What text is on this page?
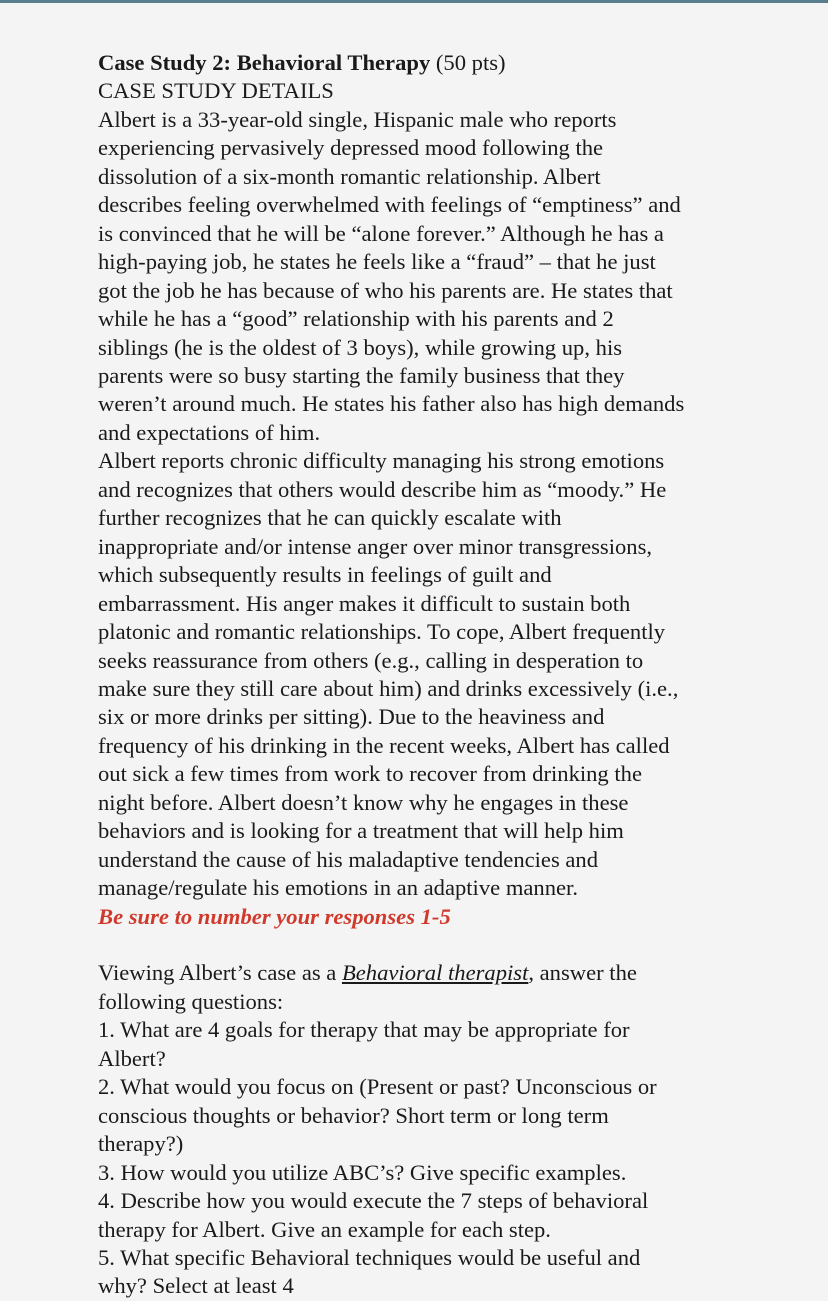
Case Study 2: Behavioral Therapy (50 pts)
CASE STUDY DETAILS
Albert is a 33-year-old single, Hispanic male who reports
experiencing pervasively depressed mood following the
dissolution of a six-month romantic relationship. Albert
describes feeling overwhelmed with feelings of “emptiness” and
is convinced that he will be “alone forever.” Although he has a
high-paying job, he states he feels like a “fraud” – that he just
got the job he has because of who his parents are. He states that
while he has a “good” relationship with his parents and 2
siblings (he is the oldest of 3 boys), while growing up, his
parents were so busy starting the family business that they
weren’t around much. He states his father also has high demands
and expectations of him.
Albert reports chronic difficulty managing his strong emotions
and recognizes that others would describe him as “moody.” He
further recognizes that he can quickly escalate with
inappropriate and/or intense anger over minor transgressions,
which subsequently results in feelings of guilt and
embarrassment. His anger makes it difficult to sustain both
platonic and romantic relationships. To cope, Albert frequently
seeks reassurance from others (e.g., calling in desperation to
make sure they still care about him) and drinks excessively (i.e.,
six or more drinks per sitting). Due to the heaviness and
frequency of his drinking in the recent weeks, Albert has called
out sick a few times from work to recover from drinking the
night before. Albert doesn’t know why he engages in these
behaviors and is looking for a treatment that will help him
understand the cause of his maladaptive tendencies and
manage/regulate his emotions in an adaptive manner.
Be sure to number your responses 1-5
Viewing Albert’s case as a Behavioral therapist, answer the
following questions:
1. What are 4 goals for therapy that may be appropriate for
Albert?
2. What would you focus on (Present or past? Unconscious or
conscious thoughts or behavior? Short term or long term
therapy?)
3. How would you utilize ABC’s? Give specific examples.
4. Describe how you would execute the 7 steps of behavioral
therapy for Albert. Give an example for each step.
5. What specific Behavioral techniques would be useful and
why? Select at least 4
